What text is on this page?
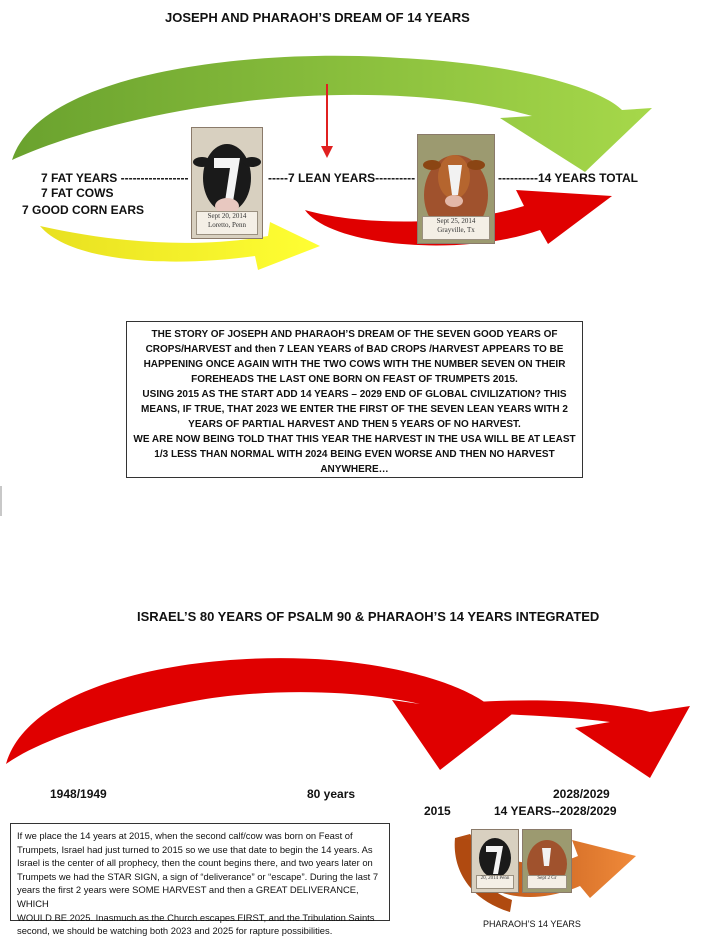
JOSEPH AND PHARAOH’S DREAM OF 14 YEARS
7 FAT YEARS -----------------
7 FAT COWS
7 GOOD CORN EARS
-----7 LEAN YEARS----------	----------14 YEARS TOTAL
Sept 20, 2014
Loretto, Penn	Sept 25, 2014
Grayville, Tx
THE STORY OF JOSEPH AND PHARAOH’S DREAM OF THE SEVEN GOOD YEARS OF
CROPS/HARVEST and then 7 LEAN YEARS of BAD CROPS /HARVEST APPEARS TO BE
HAPPENING ONCE AGAIN WITH THE TWO COWS WITH THE NUMBER SEVEN ON THEIR
FOREHEADS THE LAST ONE BORN ON FEAST OF TRUMPETS 2015.
USING 2015 AS THE START ADD 14 YEARS – 2029 END OF GLOBAL CIVILIZATION? THIS
MEANS, IF TRUE, THAT 2023 WE ENTER THE FIRST OF THE SEVEN LEAN YEARS WITH 2
YEARS OF PARTIAL HARVEST AND THEN 5 YEARS OF NO HARVEST.
WE ARE NOW BEING TOLD THAT THIS YEAR THE HARVEST IN THE USA WILL BE AT LEAST
1/3 LESS THAN NORMAL WITH 2024 BEING EVEN WORSE AND THEN NO HARVEST
ANYWHERE…
ISRAEL’S 80 YEARS OF PSALM 90 & PHARAOH’S 14 YEARS INTEGRATED
1948/1949	80 years	2028/2029
2015	14 YEARS--2028/2029
If we place the 14 years at 2015, when the second calf/cow was born on Feast of
Trumpets, Israel had just turned to 2015 so we use that date to begin the 14 years. As
Israel is the center of all prophecy, then the count begins there, and two years later on
Trumpets we had the STAR SIGN, a sign of “deliverance” or “escape”. During the last 7
years the first 2 years were SOME HARVEST and then a GREAT DELIVERANCE, WHICH
WOULD BE 2025. Inasmuch as the Church escapes FIRST, and the Tribulation Saints
second, we should be watching both 2023 and 2025 for rapture possibilities.
20, 2014 Penn	Sept 2 Gr
PHARAOH’S 14 YEARS
